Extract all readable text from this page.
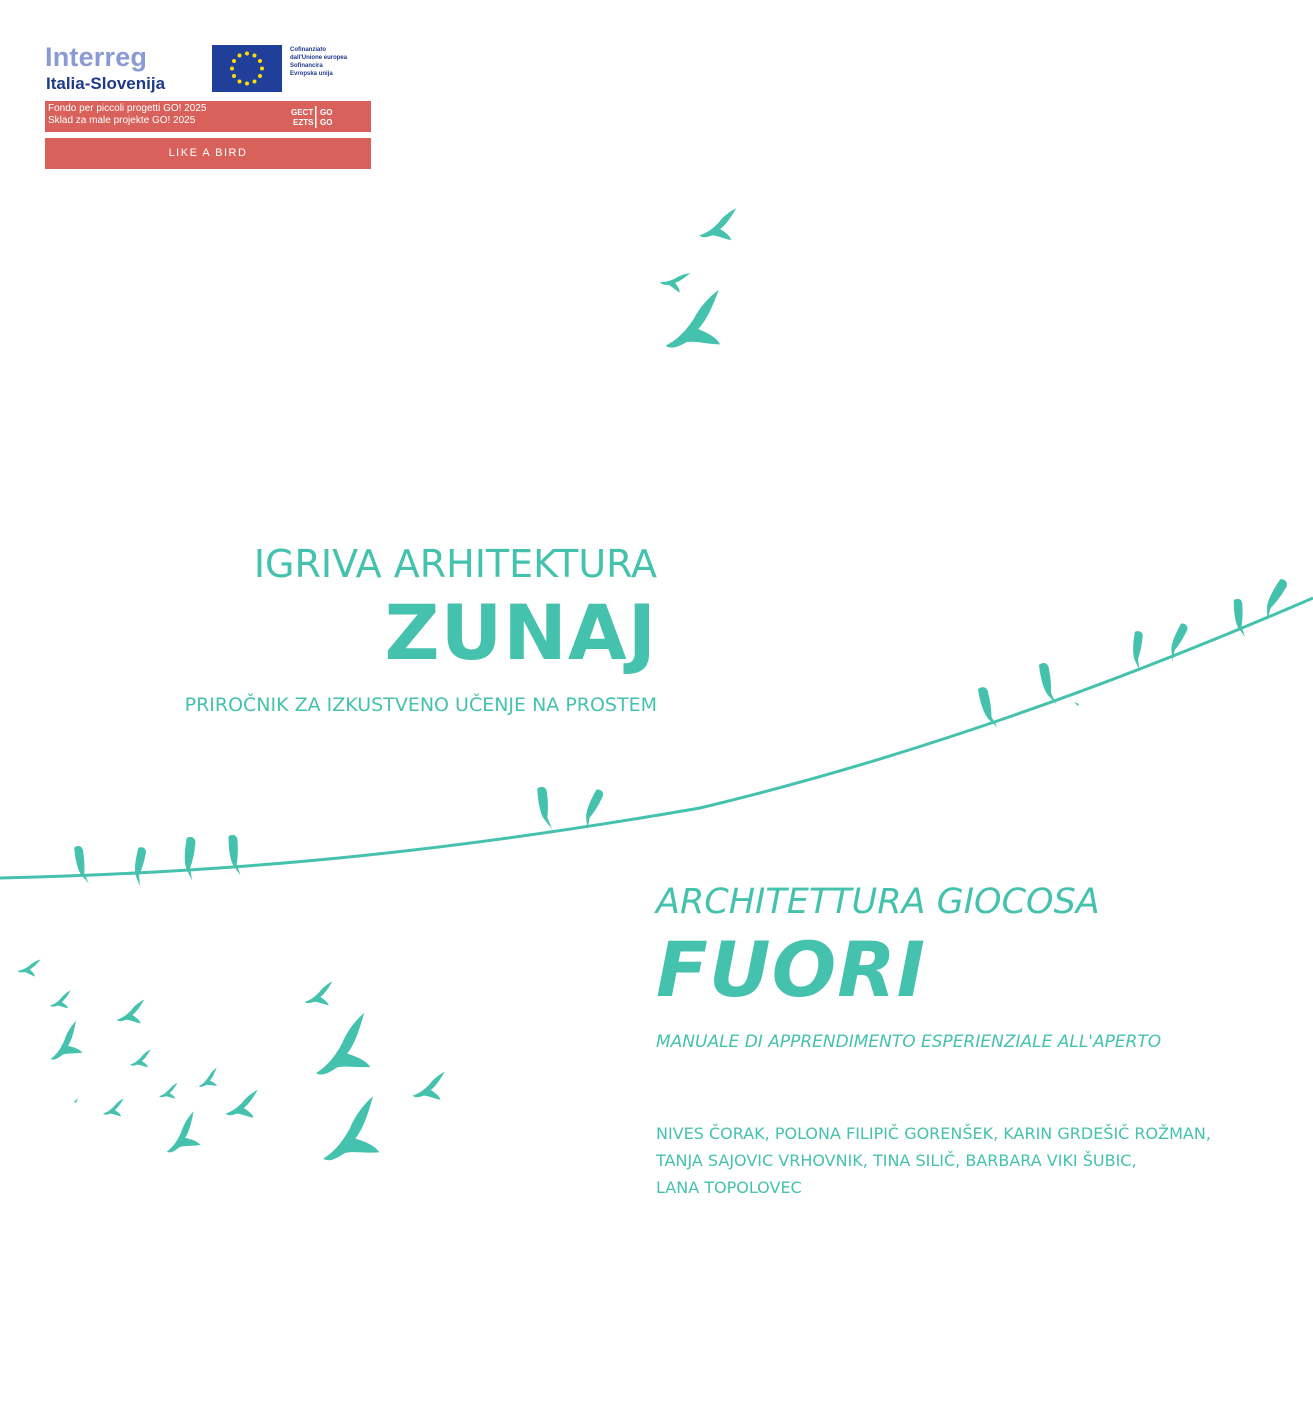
Interreg
Italia-Slovenija
Cofinanziato
dall'Unione europea
Sofinancira
Evropska unija
Fondo per piccoli progetti GO! 2025
Sklad za male projekte GO! 2025
GECT
EZTS
GO
GO
LIKE A BIRD
IGRIVA ARHITEKTURA
ZUNAJ
PRIROČNIK ZA IZKUSTVENO UČENJE NA PROSTEM
ARCHITETTURA GIOCOSA
FUORI
MANUALE DI APPRENDIMENTO ESPERIENZIALE ALL'APERTO
NIVES ČORAK, POLONA FILIPIČ GORENŠEK, KARIN GRDEŠIČ ROŽMAN,
TANJA SAJOVIC VRHOVNIK, TINA SILIČ, BARBARA VIKI ŠUBIC,
LANA TOPOLOVEC
